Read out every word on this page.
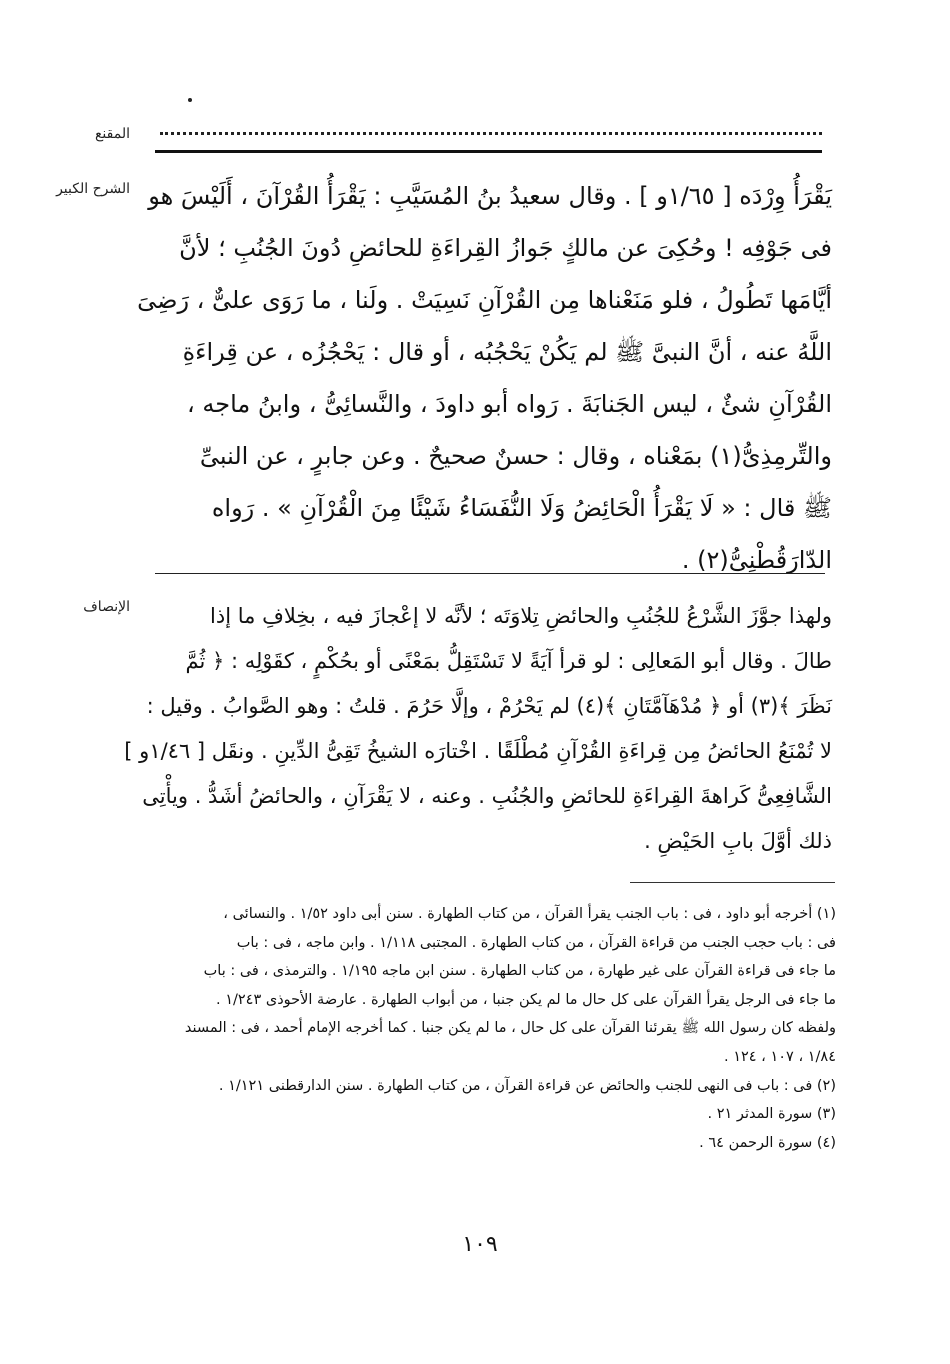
المقنع
الشرح الكبير يَقْرَأُ وِرْدَه [ ١/٦٥و ] . وقال سعيدُ بنُ المُسَيَّبِ : يَقْرَأُ القُرْآنَ ، أَلَيْسَ هو
فى جَوْفِه ! وحُكِىَ عن مالكٍ جَوازُ القِراءَةِ للحائضِ دُونَ الجُنُبِ ؛ لأنَّ
أيَّامَها تَطُولُ ، فلو مَنَعْناها مِن القُرْآنِ نَسِيَتْ . ولَنا ، ما رَوَى علىٌّ ، رَضِىَ
اللَّهُ عنه ، أنَّ النبىَّ ﷺ لم يَكُنْ يَحْجُبُه ، أو قال : يَحْجُزُه ، عن قِراءَةِ
القُرْآنِ شئٌ ، ليس الجَنابَةَ . رَواه أبو داودَ ، والنَّسائِىُّ ، وابنُ ماجه ،
والتِّرمِذِىُّ(١) بمَعْناه ، وقال : حسنٌ صحيحٌ . وعن جابرٍ ، عن النبىِّ
ﷺ قال : « لَا يَقْرَأُ الْحَائِضُ وَلَا النُّفَسَاءُ شَيْئًا مِنَ الْقُرْآنِ » . رَواه
الدّارَقُطْنِىُّ(٢) .
الإنصاف	ولهذا جوَّزَ الشَّرْعُ للجُنُبِ والحائضِ تِلاوَتَه ؛ لأنَّه لا إعْجازَ فيه ، بخِلافِ ما إذا
طالَ . وقال أبو المَعالِى : لو قرأ آيَةً لا تَسْتَقِلُّ بمَعْنًى أو بحُكْمٍ ، كقَوْلِه : ﴿ ثُمَّ
نَظَرَ ﴾(٣) أو ﴿ مُدْهَآمَّتَانِ ﴾(٤) لم يَحْرُمْ ، وإلَّا حَرُمَ . قلتُ : وهو الصَّوابُ . وقيل :
لا تُمْنَعُ الحائضُ مِن قِراءَةِ القُرْآنِ مُطْلَقًا . اخْتارَه الشيخُ تَقِىُّ الدِّينِ . ونقَل [ ١/٤٦و ]
الشَّافِعِىُّ كَراهةَ القِراءَةِ للحائضِ والجُنُبِ . وعنه ، لا يَقْرَآنِ ، والحائضُ أشَدُّ . ويأْتِى
ذلك أوَّلَ بابِ الحَيْضِ .
(١) أخرجه أبو داود ، فى : باب الجنب يقرأ القرآن ، من كتاب الطهارة . سنن أبى داود ١/٥٢ . والنسائى ،
فى : باب حجب الجنب من قراءة القرآن ، من كتاب الطهارة . المجتبى ١/١١٨ . وابن ماجه ، فى : باب
ما جاء فى قراءة القرآن على غير طهارة ، من كتاب الطهارة . سنن ابن ماجه ١/١٩٥ . والترمذى ، فى : باب
ما جاء فى الرجل يقرأ القرآن على كل حال ما لم يكن جنبا ، من أبواب الطهارة . عارضة الأحوذى ١/٢٤٣ .
ولفظه كان رسول الله ﷺ يقرئنا القرآن على كل حال ، ما لم يكن جنبا . كما أخرجه الإمام أحمد ، فى : المسند
١/٨٤ ، ١٠٧ ، ١٢٤ .
(٢) فى : باب فى النهى للجنب والحائض عن قراءة القرآن ، من كتاب الطهارة . سنن الدارقطنى ١/١٢١ .
(٣) سورة المدثر ٢١ .
(٤) سورة الرحمن ٦٤ .
١٠٩
